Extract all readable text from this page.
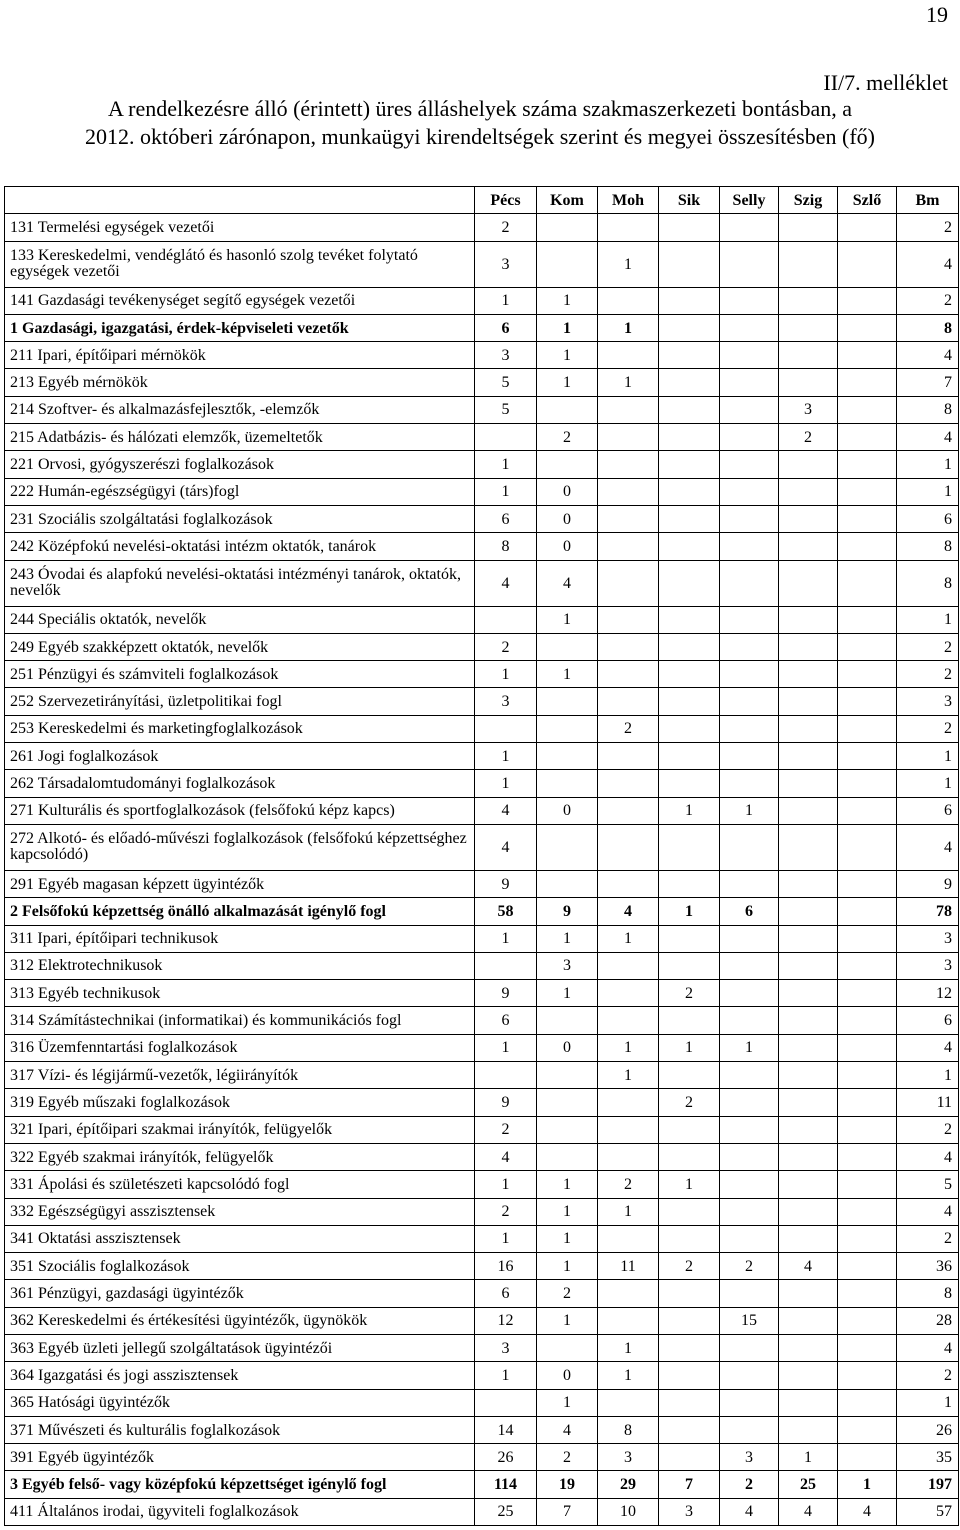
19
II/7. melléklet
A rendelkezésre álló (érintett) üres álláshelyek száma szakmaszerkezeti bontásban, a
2012. októberi zárónapon, munkaügyi kirendeltségek szerint és megyei összesítésben (fő)
	Pécs	Kom	Moh	Sik	Selly	Szig	Szlő	Bm
131 Termelési egységek vezetői	2							2
133 Kereskedelmi, vendéglátó és hasonló szolg tevéket folytató egységek vezetői	3		1					4
141 Gazdasági tevékenységet segítő egységek vezetői	1	1						2
1 Gazdasági, igazgatási, érdek-képviseleti vezetők	6	1	1					8
211 Ipari, építőipari mérnökök	3	1						4
213 Egyéb mérnökök	5	1	1					7
214 Szoftver- és alkalmazásfejlesztők, -elemzők	5					3		8
215 Adatbázis- és hálózati elemzők, üzemeltetők		2				2		4
221 Orvosi, gyógyszerészi foglalkozások	1							1
222 Humán-egészségügyi (társ)fogl	1	0						1
231 Szociális szolgáltatási foglalkozások	6	0						6
242 Középfokú nevelési-oktatási intézm oktatók, tanárok	8	0						8
243 Óvodai és alapfokú nevelési-oktatási intézményi tanárok, oktatók, nevelők	4	4						8
244 Speciális oktatók, nevelők		1						1
249 Egyéb szakképzett oktatók, nevelők	2							2
251 Pénzügyi és számviteli foglalkozások	1	1						2
252 Szervezetirányítási, üzletpolitikai fogl	3							3
253 Kereskedelmi és marketingfoglalkozások			2					2
261 Jogi foglalkozások	1							1
262 Társadalomtudományi foglalkozások	1							1
271 Kulturális és sportfoglalkozások (felsőfokú képz kapcs)	4	0		1	1			6
272 Alkotó- és előadó-művészi foglalkozások (felsőfokú képzettséghez kapcsolódó)	4							4
291 Egyéb magasan képzett ügyintézők	9							9
2 Felsőfokú képzettség önálló alkalmazását igénylő fogl	58	9	4	1	6			78
311 Ipari, építőipari technikusok	1	1	1					3
312 Elektrotechnikusok		3						3
313 Egyéb technikusok	9	1		2				12
314 Számítástechnikai (informatikai) és kommunikációs fogl	6							6
316 Üzemfenntartási foglalkozások	1	0	1	1	1			4
317 Vízi- és légijármű-vezetők, légiirányítók			1					1
319 Egyéb műszaki foglalkozások	9			2				11
321 Ipari, építőipari szakmai irányítók, felügyelők	2							2
322 Egyéb szakmai irányítók, felügyelők	4							4
331 Ápolási és születészeti kapcsolódó fogl	1	1	2	1				5
332 Egészségügyi asszisztensek	2	1	1					4
341 Oktatási asszisztensek	1	1						2
351 Szociális foglalkozások	16	1	11	2	2	4		36
361 Pénzügyi, gazdasági ügyintézők	6	2						8
362 Kereskedelmi és értékesítési ügyintézők, ügynökök	12	1			15			28
363 Egyéb üzleti jellegű szolgáltatások ügyintézői	3		1					4
364 Igazgatási és jogi asszisztensek	1	0	1					2
365 Hatósági ügyintézők		1						1
371 Művészeti és kulturális foglalkozások	14	4	8					26
391 Egyéb ügyintézők	26	2	3		3	1		35
3 Egyéb felső- vagy középfokú képzettséget igénylő fogl	114	19	29	7	2	25	1	197
411 Általános irodai, ügyviteli foglalkozások	25	7	10	3	4	4	4	57
